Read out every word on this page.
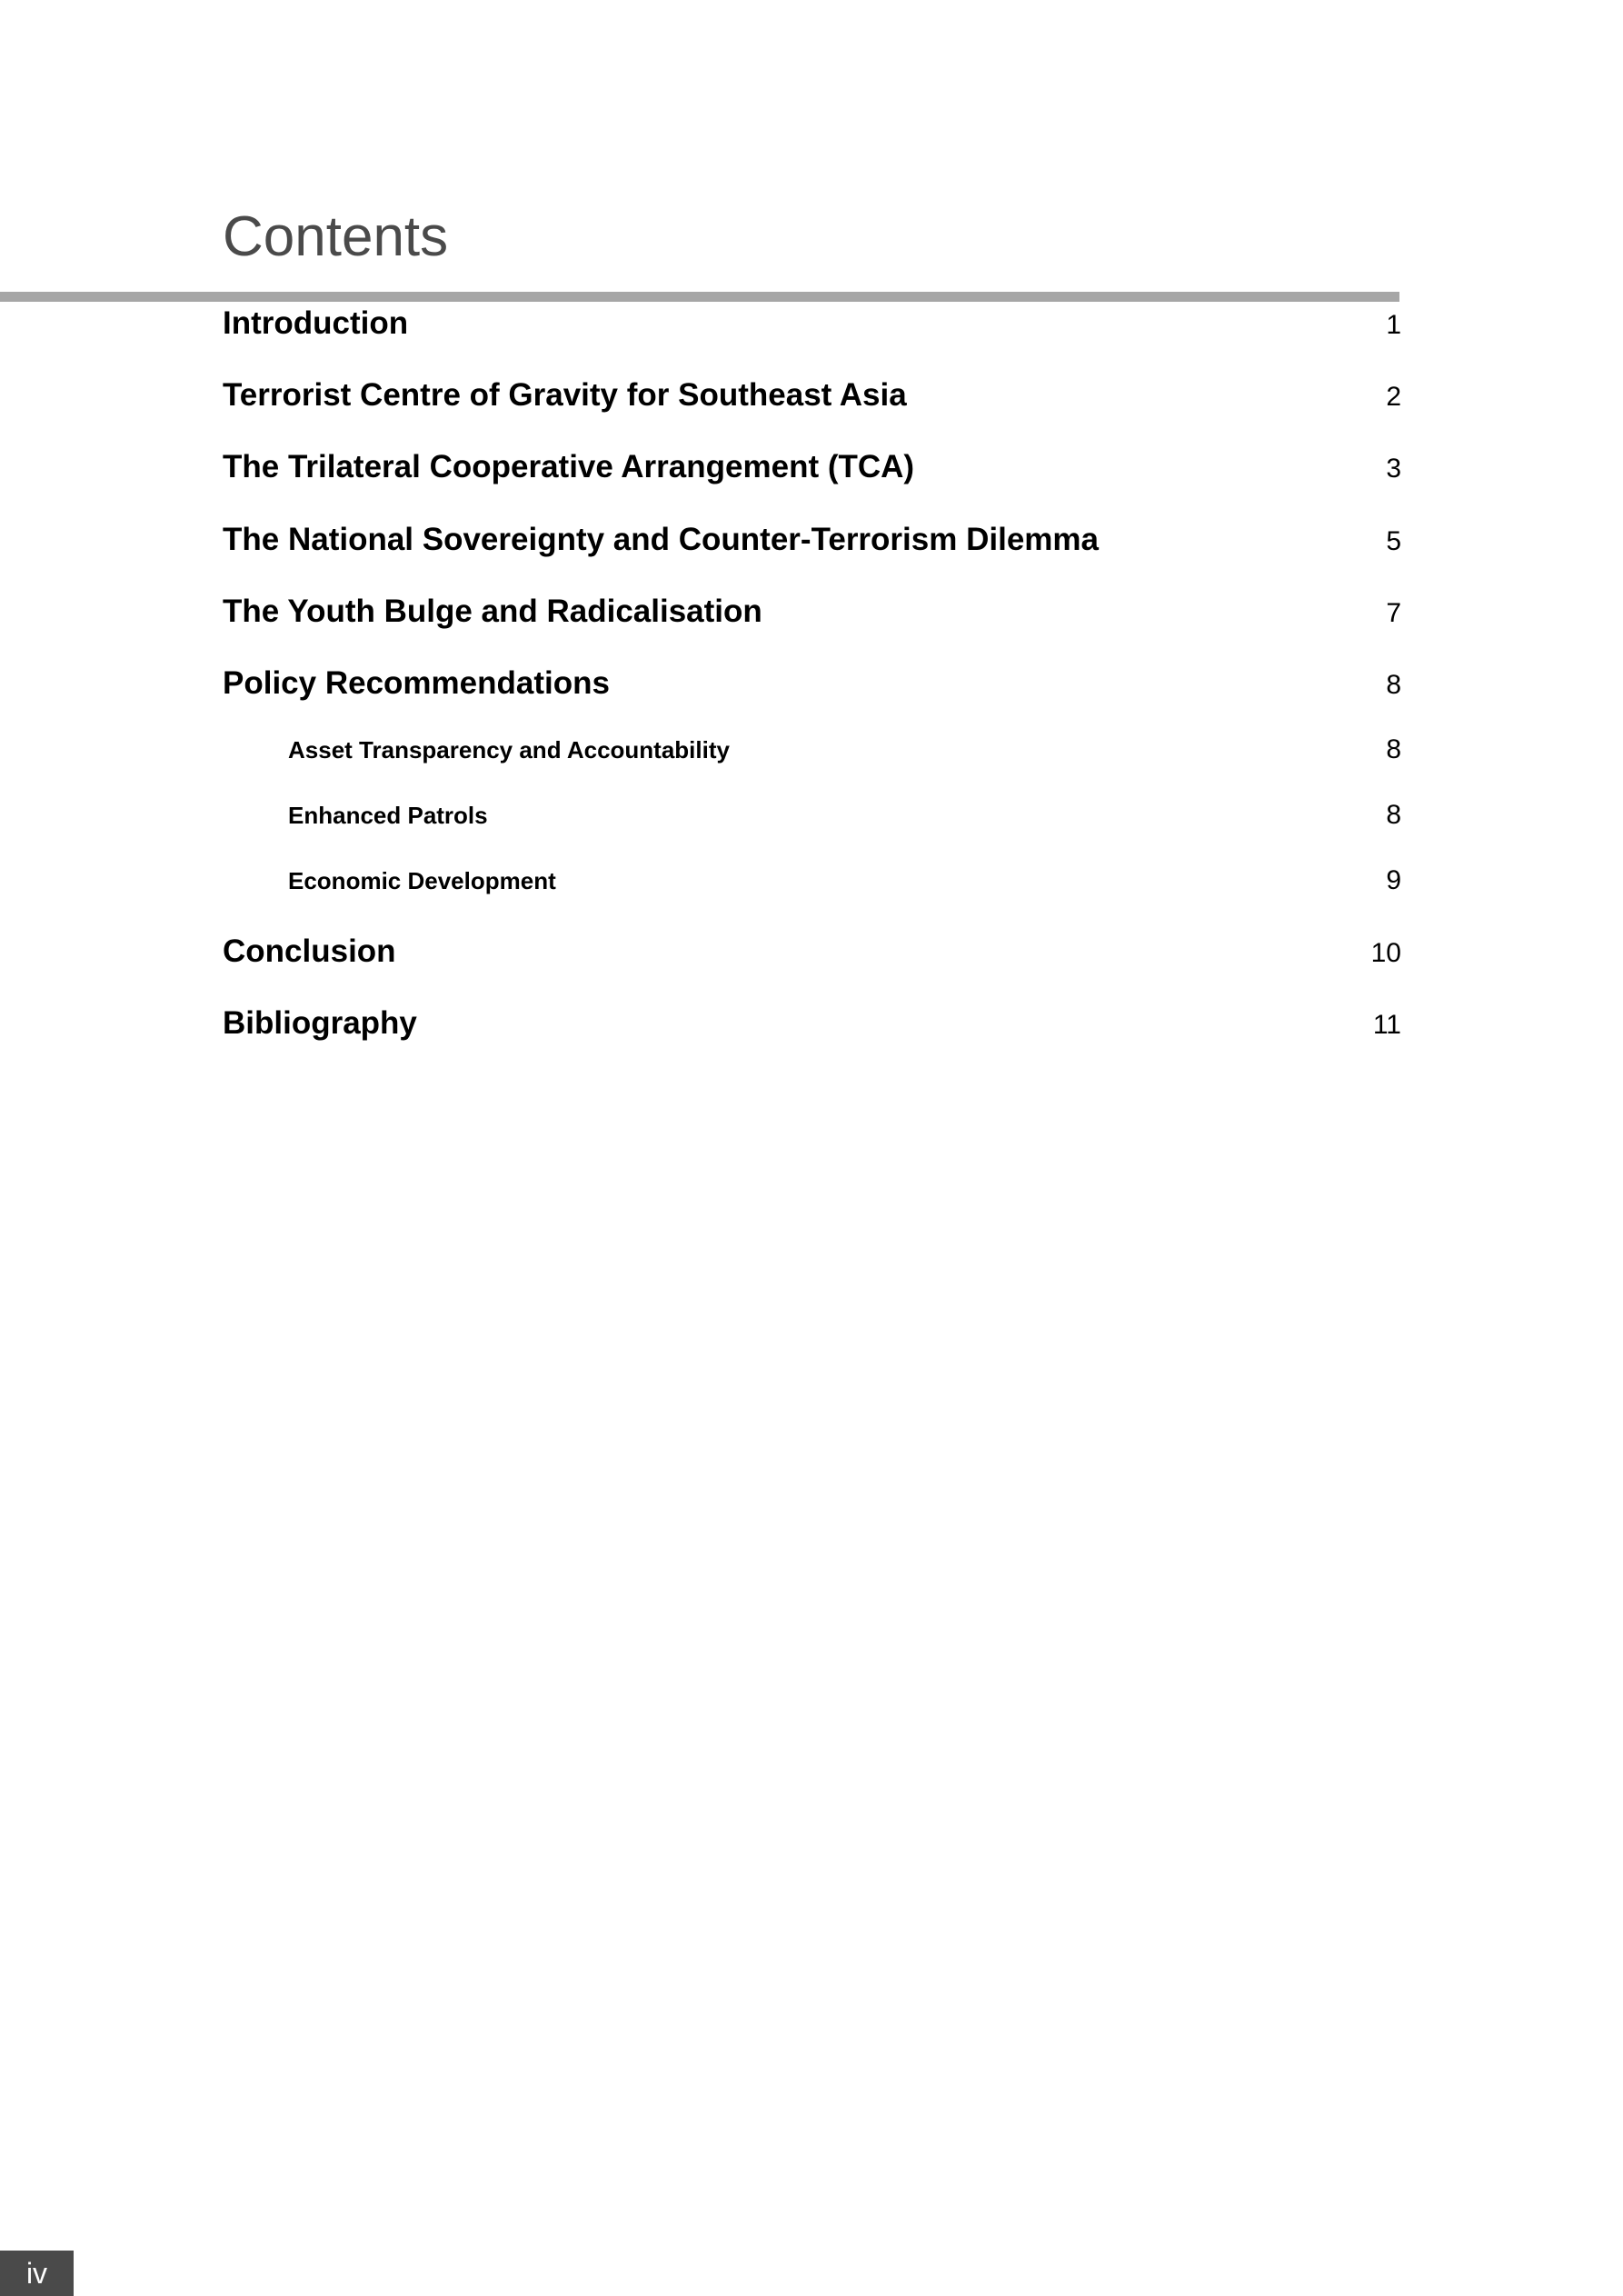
Contents
Introduction	1
Terrorist Centre of Gravity for Southeast Asia	2
The Trilateral Cooperative Arrangement (TCA)	3
The National Sovereignty and Counter-Terrorism Dilemma	5
The Youth Bulge and Radicalisation	7
Policy Recommendations	8
Asset Transparency and Accountability	8
Enhanced Patrols	8
Economic Development	9
Conclusion	10
Bibliography	11
iv
